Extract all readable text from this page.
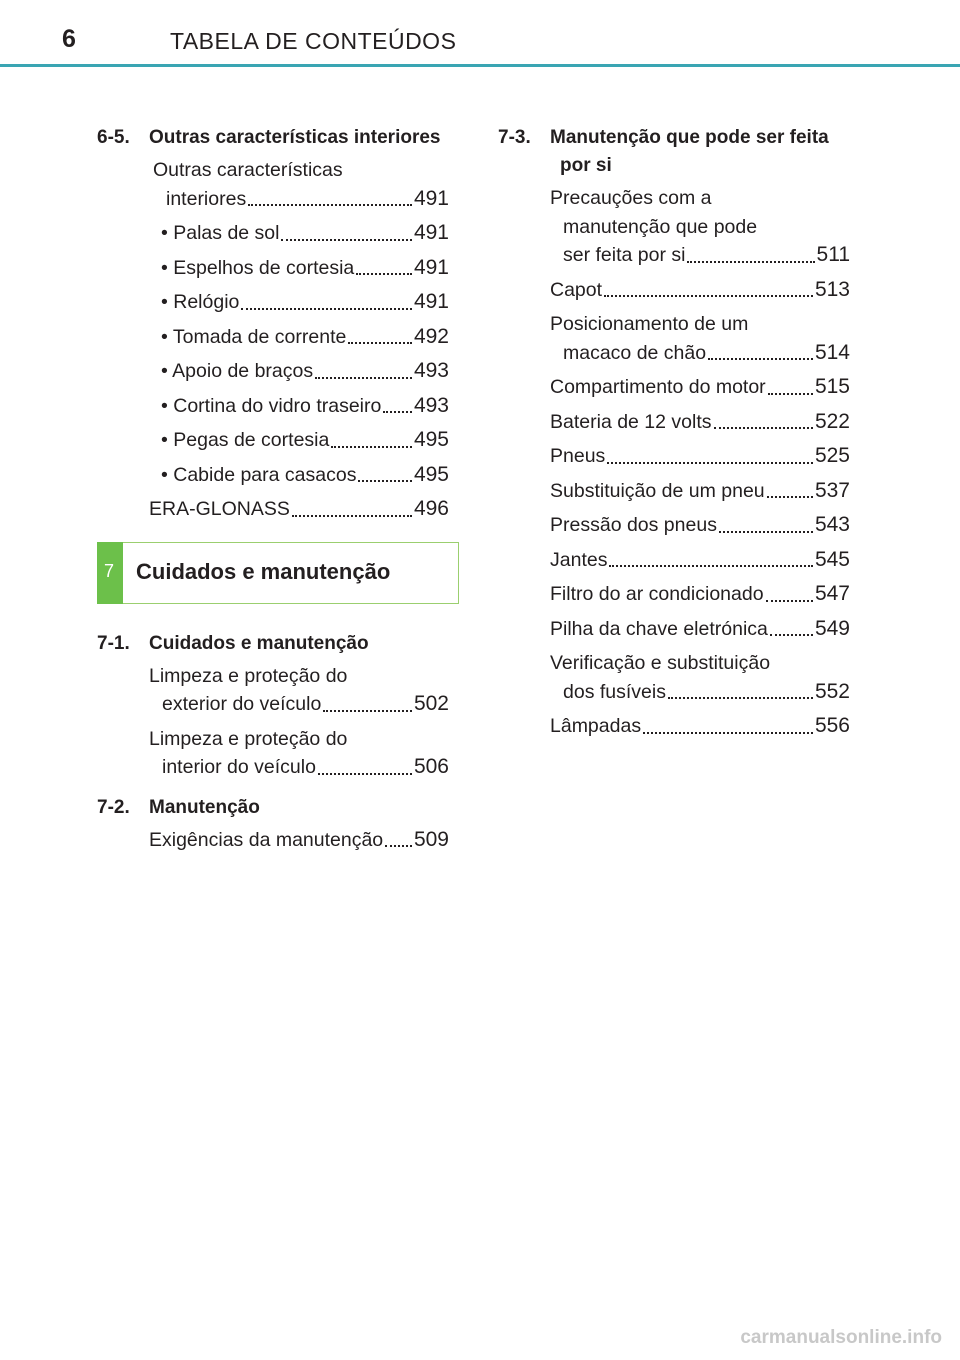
6	TABELA DE CONTEÚDOS
6-5. Outras características interiores
Outras características
interiores	491
• Palas de sol	491
• Espelhos de cortesia	491
• Relógio	491
• Tomada de corrente	492
• Apoio de braços	493
• Cortina do vidro traseiro 493
• Pegas de cortesia	495
• Cabide para casacos	495
ERA-GLONASS	496
7 Cuidados e manutenção
7-1. Cuidados e manutenção
Limpeza e proteção do
exterior do veículo	502
Limpeza e proteção do
interior do veículo	506
7-2. Manutenção
Exigências da manutenção 509
7-3. Manutenção que pode ser feita
por si
Precauções com a
manutenção que pode
ser feita por si	511
Capot	513
Posicionamento de um
macaco de chão	514
Compartimento do motor 515
Bateria de 12 volts	522
Pneus	525
Substituição de um pneu 537
Pressão dos pneus	543
Jantes	545
Filtro do ar condicionado 547
Pilha da chave eletrónica 549
Verificação e substituição
dos fusíveis	552
Lâmpadas	556
carmanualsonline.info
